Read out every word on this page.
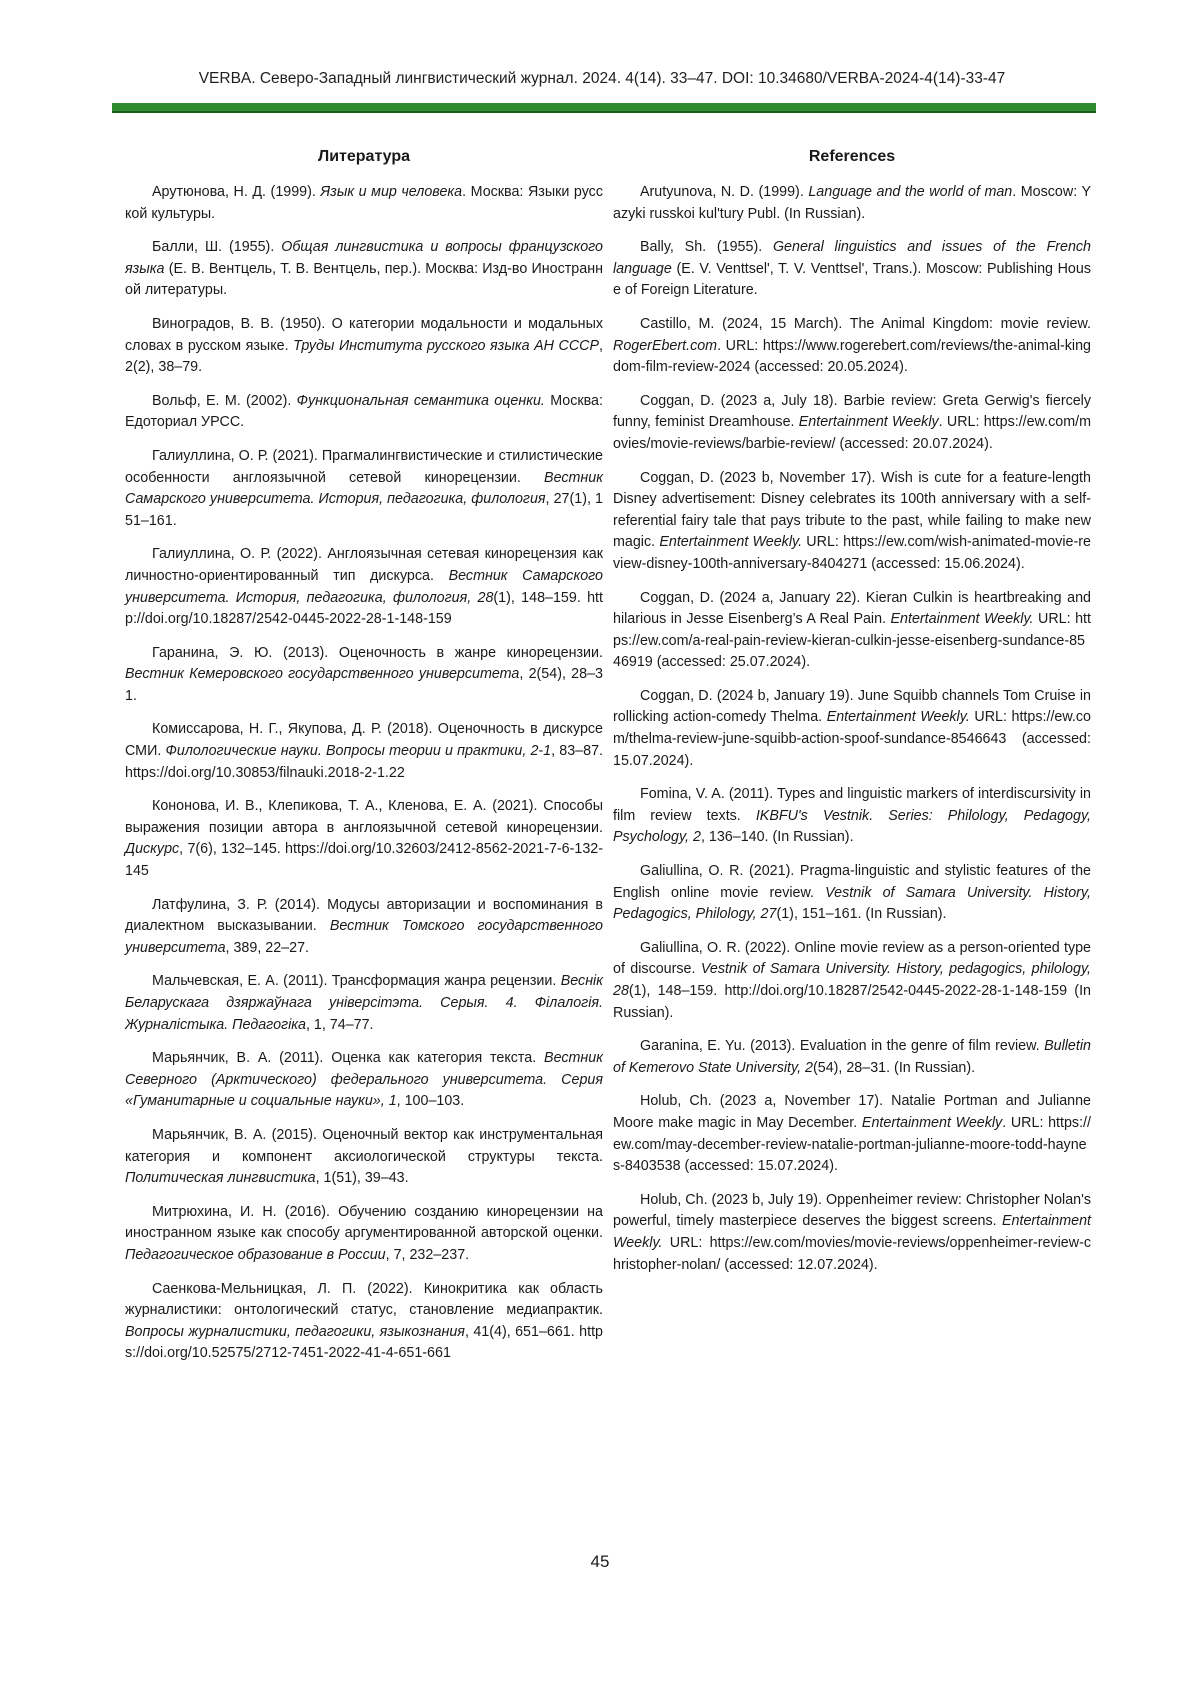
VERBA. Северо-Западный лингвистический журнал. 2024. 4(14). 33–47. DOI: 10.34680/VERBA-2024-4(14)-33-47
Литература

Арутюнова, Н. Д. (1999). Язык и мир человека. Москва: Языки русской культуры.

Балли, Ш. (1955). Общая лингвистика и вопросы французского языка (Е. В. Вентцель, Т. В. Вентцель, пер.). Москва: Изд-во Иностранной литературы.

Виноградов, В. В. (1950). О категории модальности и модальных словах в русском языке. Труды Института русского языка АН СССР, 2(2), 38–79.

Вольф, Е. М. (2002). Функциональная семантика оценки. Москва: Едоториал УРСС.

Галиуллина, О. Р. (2021). Прагмалингвистические и стилистические особенности англоязычной сетевой кинорецензии. Вестник Самарского университета. История, педагогика, филология, 27(1), 151–161.

Галиуллина, О. Р. (2022). Англоязычная сетевая кинорецензия как личностно-ориентированный тип дискурса. Вестник Самарского университета. История, педагогика, филология, 28(1), 148–159. http://doi.org/10.18287/2542-0445-2022-28-1-148-159

Гаранина, Э. Ю. (2013). Оценочность в жанре кинорецензии. Вестник Кемеровского государственного университета, 2(54), 28–31.

Комиссарова, Н. Г., Якупова, Д. Р. (2018). Оценочность в дискурсе СМИ. Филологические науки. Вопросы теории и практики, 2-1, 83–87. https://doi.org/10.30853/filnauki.2018-2-1.22

Кононова, И. В., Клепикова, Т. А., Кленова, Е. А. (2021). Способы выражения позиции автора в англоязычной сетевой кинорецензии. Дискурс, 7(6), 132–145. https://doi.org/10.32603/2412-8562-2021-7-6-132-145

Латфулина, З. Р. (2014). Модусы авторизации и воспоминания в диалектном высказывании. Вестник Томского государственного университета, 389, 22–27.

Мальчевская, Е. А. (2011). Трансформация жанра рецензии. Веснік Беларускага дзяржаўнага універсітэта. Серыя. 4. Філалогія. Журналістыка. Педагогіка, 1, 74–77.

Марьянчик, В. А. (2011). Оценка как категория текста. Вестник Северного (Арктического) федерального университета. Серия «Гуманитарные и социальные науки», 1, 100–103.

Марьянчик, В. А. (2015). Оценочный вектор как инструментальная категория и компонент аксиологической структуры текста. Политическая лингвистика, 1(51), 39–43.

Митрюхина, И. Н. (2016). Обучению созданию кинорецензии на иностранном языке как способу аргументированной авторской оценки. Педагогическое образование в России, 7, 232–237.

Саенкова-Мельницкая, Л. П. (2022). Кинокритика как область журналистики: онтологический статус, становление медиапрактик. Вопросы журналистики, педагогики, языкознания, 41(4), 651–661. https://doi.org/10.52575/2712-7451-2022-41-4-651-661

References

Arutyunova, N. D. (1999). Language and the world of man. Moscow: Yazyki russkoi kul'tury Publ. (In Russian).

Bally, Sh. (1955). General linguistics and issues of the French language (E. V. Venttsel', T. V. Venttsel', Trans.). Moscow: Publishing House of Foreign Literature.

Castillo, M. (2024, 15 March). The Animal Kingdom: movie review. RogerEbert.com. URL: https://www.rogerebert.com/reviews/the-animal-kingdom-film-review-2024 (accessed: 20.05.2024).

Coggan, D. (2023 a, July 18). Barbie review: Greta Gerwig's fiercely funny, feminist Dreamhouse. Entertainment Weekly. URL: https://ew.com/movies/movie-reviews/barbie-review/ (accessed: 20.07.2024).

Coggan, D. (2023 b, November 17). Wish is cute for a feature-length Disney advertisement: Disney celebrates its 100th anniversary with a self-referential fairy tale that pays tribute to the past, while failing to make new magic. Entertainment Weekly. URL: https://ew.com/wish-animated-movie-review-disney-100th-anniversary-8404271 (accessed: 15.06.2024).

Coggan, D. (2024 a, January 22). Kieran Culkin is heartbreaking and hilarious in Jesse Eisenberg’s A Real Pain. Entertainment Weekly. URL: https://ew.com/a-real-pain-review-kieran-culkin-jesse-eisenberg-sundance-8546919 (accessed: 25.07.2024).

Coggan, D. (2024 b, January 19). June Squibb channels Tom Cruise in rollicking action-comedy Thelma. Entertainment Weekly. URL: https://ew.com/thelma-review-june-squibb-action-spoof-sundance-8546643 (accessed: 15.07.2024).

Fomina, V. A. (2011). Types and linguistic markers of interdiscursivity in film review texts. IKBFU's Vestnik. Series: Philology, Pedagogy, Psychology, 2, 136–140. (In Russian).

Galiullina, O. R. (2021). Pragma-linguistic and stylistic features of the English online movie review. Vestnik of Samara University. History, Pedagogics, Philology, 27(1), 151–161. (In Russian).

Galiullina, O. R. (2022). Online movie review as a person-oriented type of discourse. Vestnik of Samara University. History, pedagogics, philology, 28(1), 148–159. http://doi.org/10.18287/2542-0445-2022-28-1-148-159 (In Russian).

Garanina, E. Yu. (2013). Evaluation in the genre of film review. Bulletin of Kemerovo State University, 2(54), 28–31. (In Russian).

Holub, Ch. (2023 a, November 17). Natalie Portman and Julianne Moore make magic in May December. Entertainment Weekly. URL: https://ew.com/may-december-review-natalie-portman-julianne-moore-todd-haynes-8403538 (accessed: 15.07.2024).

Holub, Ch. (2023 b, July 19). Oppenheimer review: Christopher Nolan's powerful, timely masterpiece deserves the biggest screens. Entertainment Weekly. URL: https://ew.com/movies/movie-reviews/oppenheimer-review-christopher-nolan/ (accessed: 12.07.2024).

45
